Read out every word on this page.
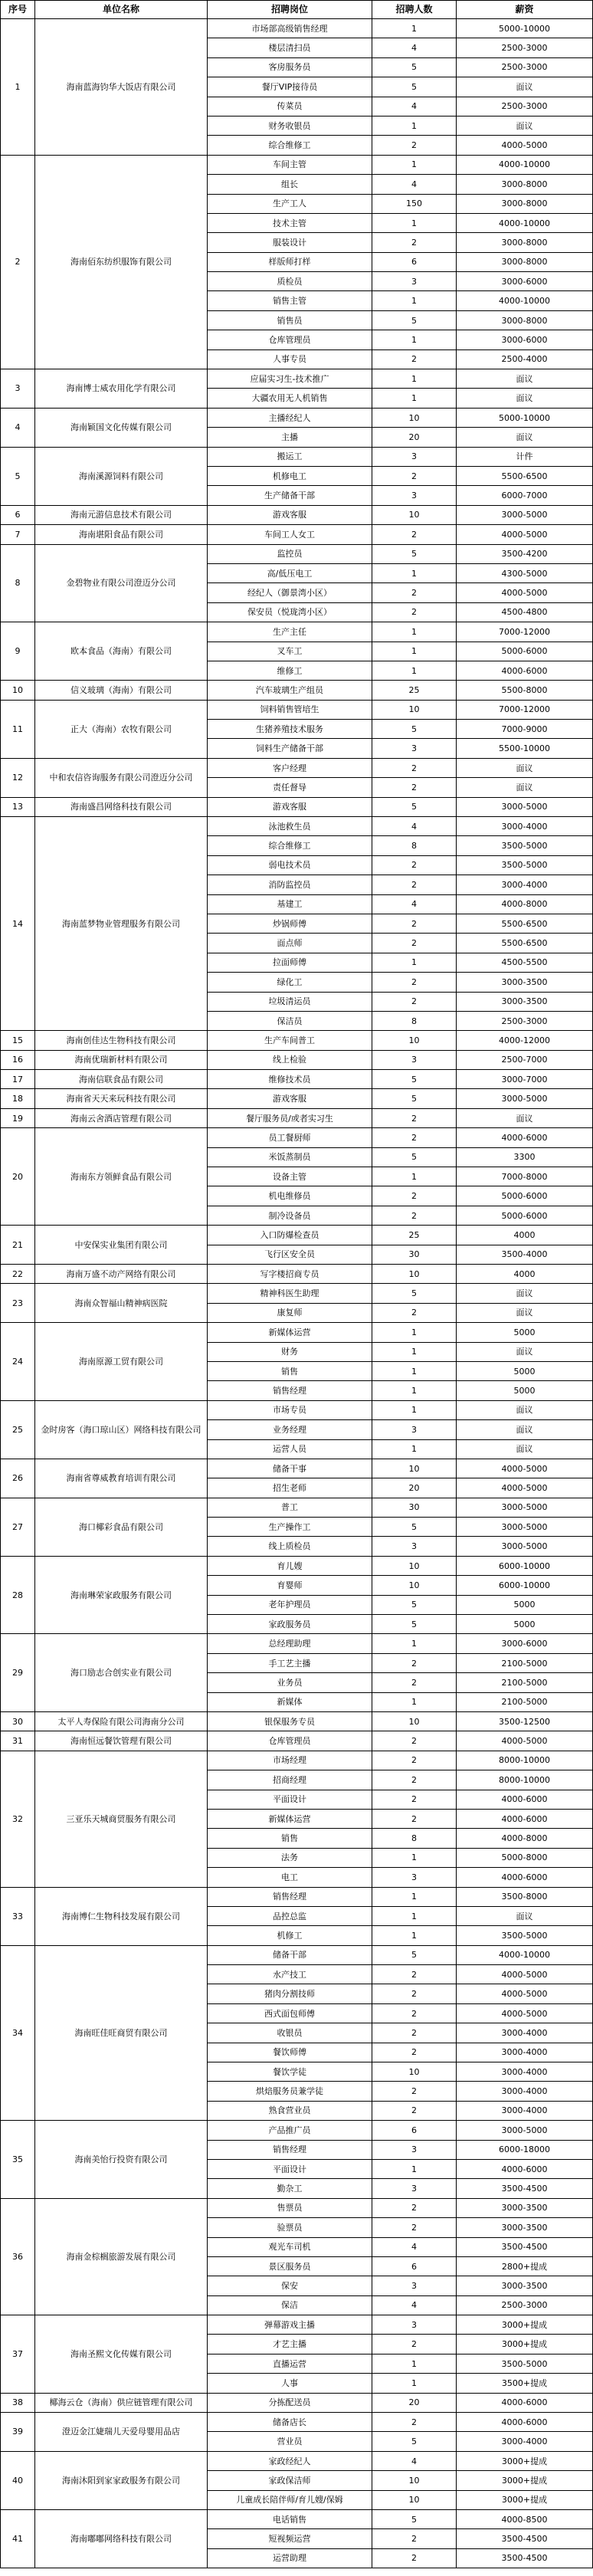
序号	单位名称	招聘岗位	招聘人数	薪资
1	海南蓝海钧华大饭店有限公司	市场部高级销售经理	1	5000-10000
		楼层清扫员	4	2500-3000
		客房服务员	5	2500-3000
		餐厅VIP接待员	5	面议
		传菜员	4	2500-3000
		财务收银员	1	面议
		综合维修工	2	4000-5000
2	海南佰东纺织服饰有限公司	车间主管	1	4000-10000
		组长	4	3000-8000
		生产工人	150	3000-8000
		技术主管	1	4000-10000
		服装设计	2	3000-8000
		样版师打样	6	3000-8000
		质检员	3	3000-6000
		销售主管	1	4000-10000
		销售员	5	3000-8000
		仓库管理员	1	3000-6000
		人事专员	2	2500-4000
3	海南博士威农用化学有限公司	应届实习生-技术推广	1	面议
		大疆农用无人机销售	1	面议
4	海南颖国文化传媒有限公司	主播经纪人	10	5000-10000
		主播	20	面议
5	海南溪源饲料有限公司	搬运工	3	计件
		机修电工	2	5500-6500
		生产储备干部	3	6000-7000
6	海南元游信息技术有限公司	游戏客服	10	3000-5000
7	海南堪阳食品有限公司	车间工人女工	2	4000-5000
8	金碧物业有限公司澄迈分公司	监控员	5	3500-4200
		高/低压电工	1	4300-5000
		经纪人（御景湾小区）	2	4000-5000
		保安员（悦珑湾小区）	2	4500-4800
9	欧本食品（海南）有限公司	生产主任	1	7000-12000
		叉车工	1	5000-6000
		维修工	1	4000-6000
10	信义玻璃（海南）有限公司	汽车玻璃生产组员	25	5500-8000
11	正大（海南）农牧有限公司	饲料销售管培生	10	7000-12000
		生猪养殖技术服务	5	7000-9000
		饲料生产储备干部	3	5500-10000
12	中和农信咨询服务有限公司澄迈分公司	客户经理	2	面议
		责任督导	2	面议
13	海南盛昌网络科技有限公司	游戏客服	5	3000-5000
14	海南蓝梦物业管理服务有限公司	泳池救生员	4	3000-4000
		综合维修工	8	3500-5000
		弱电技术员	2	3500-5000
		消防监控员	2	3000-4000
		基建工	4	4000-8000
		炒锅师傅	2	5500-6500
		面点师	2	5500-6500
		拉面师傅	1	4500-5500
		绿化工	2	3000-3500
		垃圾清运员	2	3000-3500
		保洁员	8	2500-3000
15	海南创佳达生物科技有限公司	生产车间普工	10	4000-12000
16	海南优瑞新材料有限公司	线上检验	3	2500-7000
17	海南信联食品有限公司	维修技术员	5	3000-7000
18	海南省天天来玩科技有限公司	游戏客服	5	3000-5000
19	海南云舍酒店管理有限公司	餐厅服务员/或者实习生	2	面议
20	海南东方领鲜食品有限公司	员工餐厨师	2	4000-6000
		米饭蒸制员	5	3300
		设备主管	1	7000-8000
		机电维修员	2	5000-6000
		制冷设备员	2	5000-6000
21	中安保实业集团有限公司	入口防爆检查员	25	4000
		飞行区安全员	30	3500-4000
22	海南万盛不动产网络有限公司	写字楼招商专员	10	4000
23	海南众智福山精神病医院	精神科医生助理	5	面议
		康复师	2	面议
24	海南原源工贸有限公司	新媒体运营	1	5000
		财务	1	面议
		销售	1	5000
		销售经理	1	5000
25	金时房客（海口琼山区）网络科技有限公司	市场专员	1	面议
		业务经理	3	面议
		运营人员	1	面议
26	海南省尊威教育培训有限公司	储备干事	10	4000-5000
		招生老师	20	4000-5000
27	海口椰彩食品有限公司	普工	30	3000-5000
		生产操作工	5	3000-5000
		线上质检员	3	3000-5000
28	海南琳荣家政服务有限公司	育儿嫂	10	6000-10000
		育婴师	10	6000-10000
		老年护理员	5	5000
		家政服务员	5	5000
29	海口励志合创实业有限公司	总经理助理	1	3000-6000
		手工艺主播	2	2100-5000
		业务员	2	2100-5000
		新媒体	1	2100-5000
30	太平人寿保险有限公司海南分公司	银保服务专员	10	3500-12500
31	海南恒远餐饮管理有限公司	仓库管理员	2	4000-5000
32	三亚乐天城商贸服务有限公司	市场经理	2	8000-10000
		招商经理	2	8000-10000
		平面设计	2	4000-6000
		新媒体运营	2	4000-6000
		销售	8	4000-8000
		法务	1	5000-8000
		电工	3	4000-6000
33	海南博仁生物科技发展有限公司	销售经理	1	3500-8000
		品控总监	1	面议
		机修工	1	3500-5000
34	海南旺佳旺商贸有限公司	储备干部	5	4000-10000
		水产技工	2	4000-5000
		猪肉分割技师	2	4000-5000
		西式面包师傅	2	4000-5000
		收银员	2	3000-4000
		餐饮师傅	2	3000-4000
		餐饮学徒	10	3000-4000
		烘焙服务员兼学徒	2	3000-4000
		熟食营业员	2	3000-4000
35	海南美怡行投资有限公司	产品推广员	6	3000-5000
		销售经理	3	6000-18000
		平面设计	1	4000-6000
		勤杂工	3	3500-4500
36	海南金棕榈旅游发展有限公司	售票员	2	3000-3500
		验票员	2	3000-3500
		观光车司机	4	3500-4500
		景区服务员	6	2800+提成
		保安	3	3000-3500
		保洁	4	2500-3000
37	海南圣熙文化传媒有限公司	弹幕游戏主播	3	3000+提成
		才艺主播	2	3000+提成
		直播运营	1	3500-5000
		人事	1	3500+提成
38	椰海云仓（海南）供应链管理有限公司	分拣配送员	20	4000-6000
39	澄迈金江婕瑞儿天爱母婴用品店	储备店长	2	4000-6000
		营业员	5	3000-4000
40	海南沐阳到家家政服务有限公司	家政经纪人	4	3000+提成
		家政保洁师	10	3000+提成
		儿童成长陪伴师/育儿嫂/保姆	10	3000+提成
41	海南嘟嘟网络科技有限公司	电话销售	5	4000-8500
		短视频运营	2	3500-4500
		运营助理	2	3500-4500
